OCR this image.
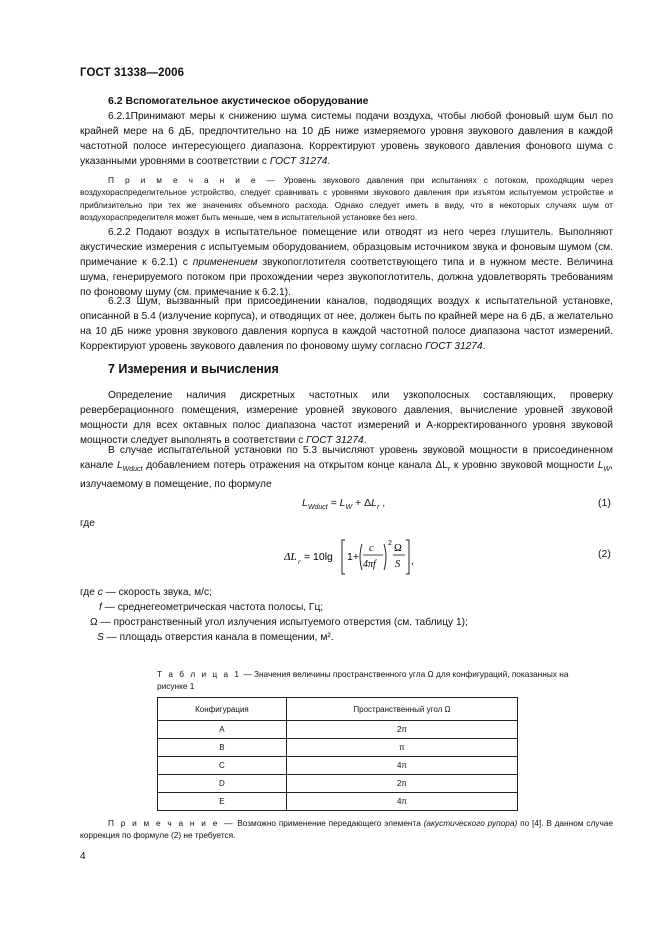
ГОСТ 31338—2006
6.2 Вспомогательное акустическое оборудование

6.2.1Принимают меры к снижению шума системы подачи воздуха, чтобы любой фоновый шум был по крайней мере на 6 дБ, предпочтительно на 10 дБ ниже измеряемого уровня звукового давления в каждой частотной полосе интересующего диапазона. Корректируют уровень звукового давления фонового шума с указанными уровнями в соответствии с ГОСТ 31274.

П р и м е ч а н и е — Уровень звукового давления при испытаниях с потоком, проходящим через воздухораспределительное устройство, следует сравнивать с уровнями звукового давления при изъятом испытуемом устройстве и приблизительно при тех же значениях объемного расхода. Однако следует иметь в виду, что в некоторых случаях шум от воздухораспределителя может быть меньше, чем в испытательной установке без него.

6.2.2 Подают воздух в испытательное помещение или отводят из него через глушитель. Выполняют акустические измерения с испытуемым оборудованием, образцовым источником звука и фоновым шумом (см. примечание к 6.2.1) с применением звукопоглотителя соответствующего типа и в нужном месте. Величина шума, генерируемого потоком при прохождении через звукопоглотитель, должна удовлетворять требованиям по фоновому шуму (см. примечание к 6.2.1).

6.2.3 Шум, вызванный при присоединении каналов, подводящих воздух к испытательной установке, описанной в 5.4 (излучение корпуса), и отводящих от нее, должен быть по крайней мере на 6 дБ, а желательно на 10 дБ ниже уровня звукового давления корпуса в каждой частотной полосе диапазона частот измерений. Корректируют уровень звукового давления по фоновому шуму согласно ГОСТ 31274.

7 Измерения и вычисления

Определение наличия дискретных частотных или узкополосных составляющих, проверку реверберационного помещения, измерение уровней звукового давления, вычисление уровней звуковой мощности для всех октавных полос диапазона частот измерений и А-корректированного уровня звуковой мощности следует выполнять в соответствии с ГОСТ 31274.

В случае испытательной установки по 5.3 вычисляют уровень звуковой мощности в присоединенном канале $L_{Wduct}$ добавлением потерь отражения на открытом конце канала $\Delta L_r$ к уровню звуковой мощности $L_W$, излучаемому в помещение, по формуле

$L_{Wduct} = L_W + \Delta L_r$ ,	(1)
где
ΔL r = 10lg 1+
c
4πf
2 Ω
S ,
(2)
где c — скорость звука, м/с;
f — среднегеометрическая частота полосы, Гц;
Ω — пространственный угол излучения испытуемого отверстия (см. таблицу 1);
S — площадь отверстия канала в помещении, м².
Т а б л и ц а 1 — Значения величины пространственного угла Ω для конфигураций, показанных на рисунке 1
Конфигурация	Пространственный угол Ω
A	2π
B	π
C	4π
D	2π
E	4π

П р и м е ч а н и е — Возможно применение передающего элемента (акустического рупора) по [4]. В данном случае коррекция по формуле (2) не требуется.

4
